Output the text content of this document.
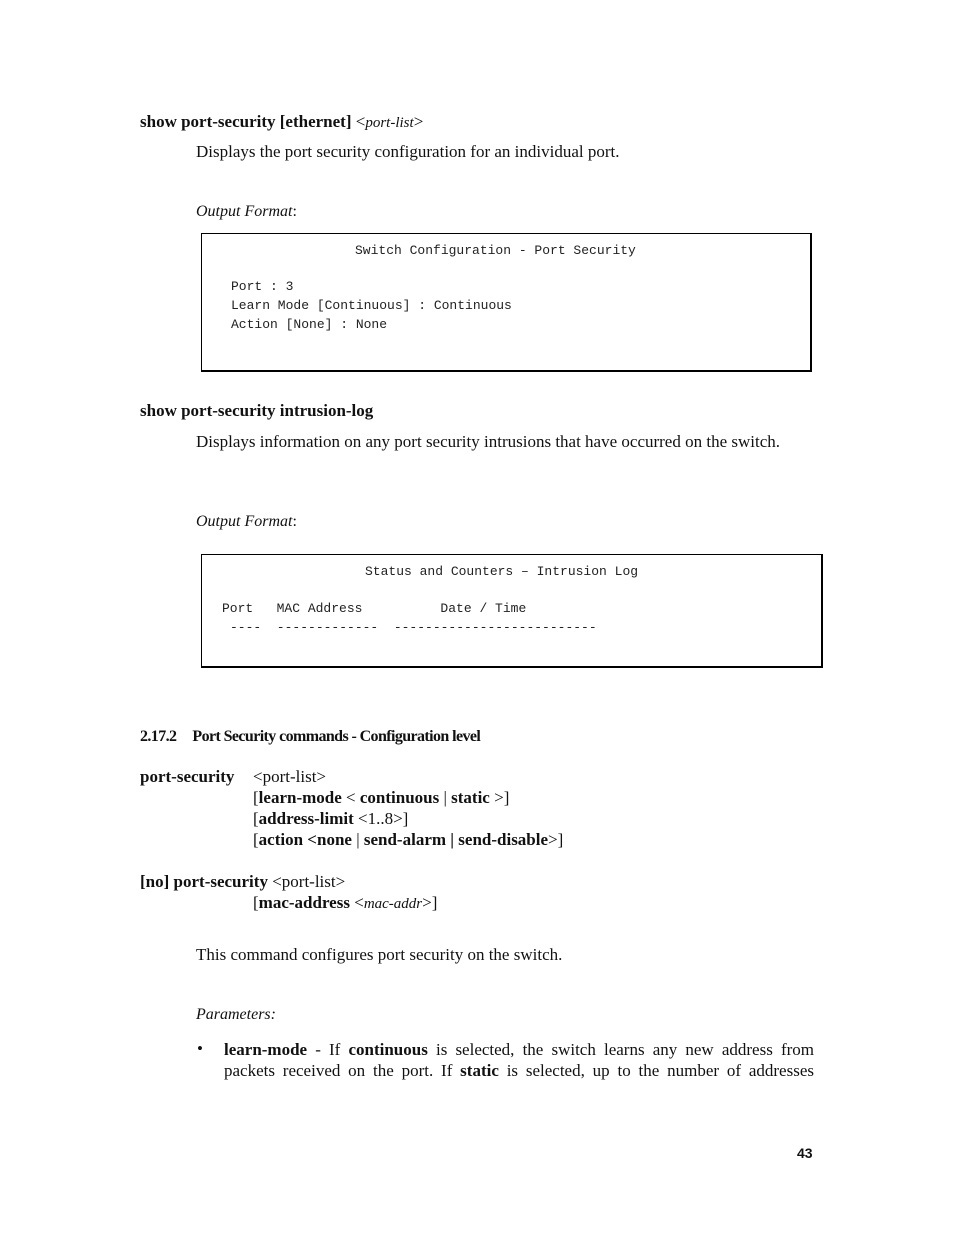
show port-security [ethernet] <port-list>
Displays the port security configuration for an individual port.
Output Format:
Switch Configuration - Port Security
Port : 3
Learn Mode [Continuous] : Continuous
Action [None] : None
show port-security intrusion-log
Displays information on any port security intrusions that have occurred on the switch.
Output Format:
Status and Counters – Intrusion Log
Port   MAC Address          Date / Time
----  -------------  --------------------------
2.17.2 Port Security commands - Configuration level
port-security <port-list>
[learn-mode < continuous | static >]
[address-limit <1..8>]
[action <none | send-alarm | send-disable>]
[no] port-security <port-list>
[mac-address <mac-addr>]
This command configures port security on the switch.
Parameters:
• learn-mode - If continuous is selected, the switch learns any new address from packets received on the port. If static is selected, up to the number of addresses
43
